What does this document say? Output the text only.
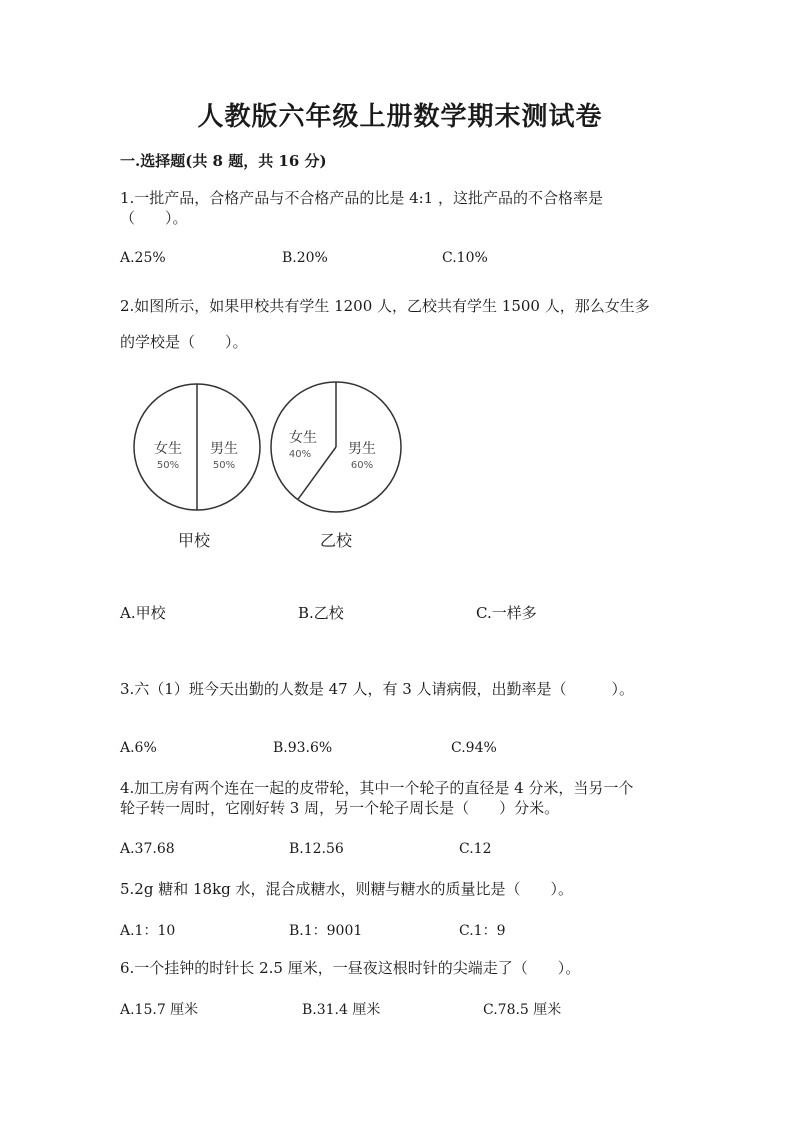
人教版六年级上册数学期末测试卷
一.选择题(共 8 题，共 16 分)
1.一批产品，合格产品与不合格产品的比是 4:1 ，这批产品的不合格率是
（　　）。
A.25%	B.20%	C.10%
2.如图所示，如果甲校共有学生 1200 人，乙校共有学生 1500 人，那么女生多
的学校是（　　）。
女生
50%
男生
50%
甲校
女生
40%	男生
60%
乙校
A.甲校	B.乙校	C.一样多
3.六（1）班今天出勤的人数是 47 人，有 3 人请病假，出勤率是（　　　）。
A.6%	B.93.6%	C.94%
4.加工房有两个连在一起的皮带轮，其中一个轮子的直径是 4 分米，当另一个
轮子转一周时，它刚好转 3 周，另一个轮子周长是（　　）分米。
A.37.68	B.12.56	C.12
5.2g 糖和 18kg 水，混合成糖水，则糖与糖水的质量比是（　　）。
A.1：10	B.1：9001	C.1：9
6.一个挂钟的时针长 2.5 厘米，一昼夜这根时针的尖端走了（　　）。
A.15.7 厘米	B.31.4 厘米	C.78.5 厘米
